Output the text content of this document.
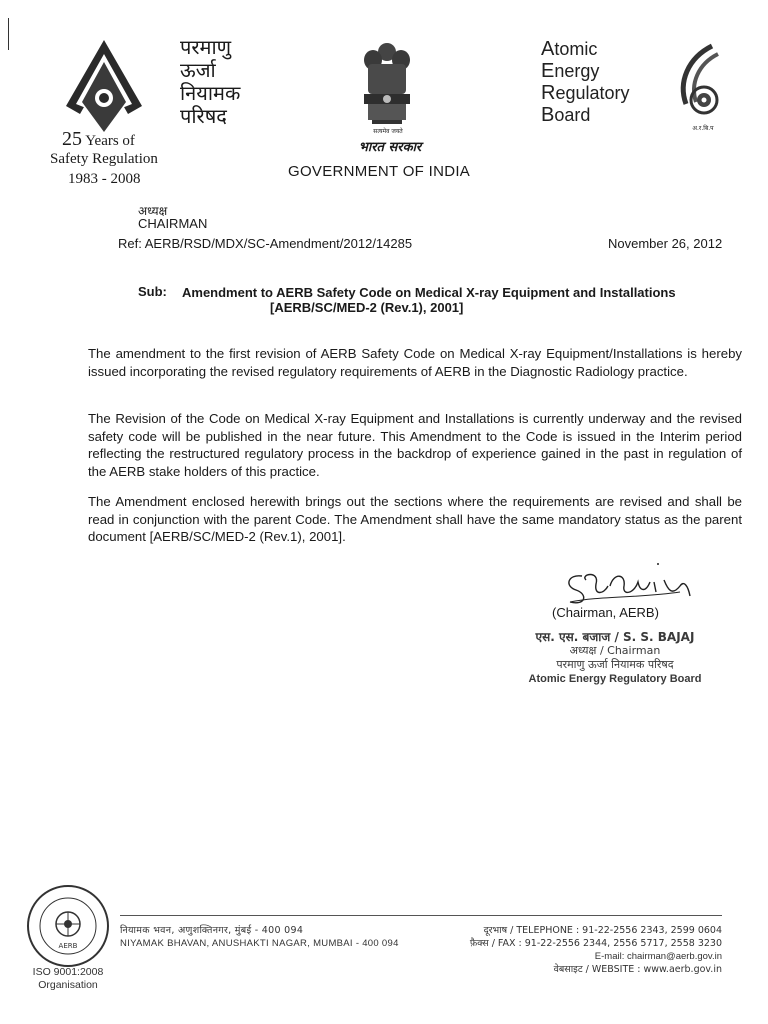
परमाणु
ऊर्जा
नियामक
परिषद
25 Years of
Safety Regulation
1983 - 2008
सत्यमेव जयते
भारत सरकार
GOVERNMENT OF INDIA
Atomic
Energy
Regulatory
Board
अ.र.बि.प
अध्यक्ष
CHAIRMAN
Ref: AERB/RSD/MDX/SC-Amendment/2012/14285	November 26, 2012
Sub: Amendment to AERB Safety Code on Medical X-ray Equipment and Installations
[AERB/SC/MED-2 (Rev.1), 2001]
The amendment to the first revision of AERB Safety Code on Medical X-ray Equipment/Installations is hereby issued incorporating the revised regulatory requirements of AERB in the Diagnostic Radiology practice.
The Revision of the Code on Medical X-ray Equipment and Installations is currently underway and the revised safety code will be published in the near future. This Amendment to the Code is issued in the Interim period reflecting the restructured regulatory process in the backdrop of experience gained in the past in regulation of the AERB stake holders of this practice.
The Amendment enclosed herewith brings out the sections where the requirements are revised and shall be read in conjunction with the parent Code. The Amendment shall have the same mandatory status as the parent document [AERB/SC/MED-2 (Rev.1), 2001].
(Chairman, AERB)
एस. एस. बजाज / S. S. BAJAJ
अध्यक्ष / Chairman
परमाणु ऊर्जा नियामक परिषद
Atomic Energy Regulatory Board
AERB
ISO 9001:2008
Organisation
नियामक भवन, अणुशक्तिनगर, मुंबई - 400 094
NIYAMAK BHAVAN, ANUSHAKTI NAGAR, MUMBAI - 400 094
दूरभाष / TELEPHONE : 91-22-2556 2343, 2599 0604
फ़ैक्स / FAX : 91-22-2556 2344, 2556 5717, 2558 3230
E-mail: chairman@aerb.gov.in
वेबसाइट / WEBSITE : www.aerb.gov.in
